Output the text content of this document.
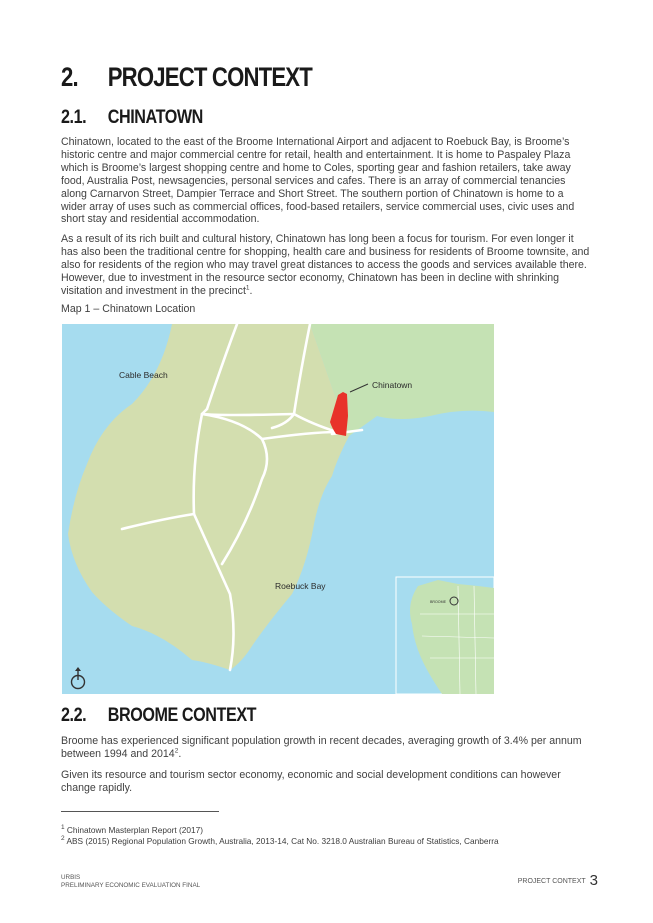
2. PROJECT CONTEXT
2.1. CHINATOWN

Chinatown, located to the east of the Broome International Airport and adjacent to Roebuck Bay, is Broome’s historic centre and major commercial centre for retail, health and entertainment. It is home to Paspaley Plaza which is Broome’s largest shopping centre and home to Coles, sporting gear and fashion retailers, take away food, Australia Post, newsagencies, personal services and cafes. There is an array of commercial tenancies along Carnarvon Street, Dampier Terrace and Short Street. The southern portion of Chinatown is home to a wider array of uses such as commercial offices, food-based retailers, service commercial uses, civic uses and short stay and residential accommodation.

As a result of its rich built and cultural history, Chinatown has long been a focus for tourism. For even longer it has also been the traditional centre for shopping, health care and business for residents of Broome townsite, and also for residents of the region who may travel great distances to access the goods and services available there. However, due to investment in the resource sector economy, Chinatown has been in decline with shrinking visitation and investment in the precinct$^1$.

Map 1 – Chinatown Location

Chinatown
Cable Beach
Roebuck Bay
BROOME
2.2. BROOME CONTEXT

Broome has experienced significant population growth in recent decades, averaging growth of 3.4% per annum between 1994 and 2014$^2$.

Given its resource and tourism sector economy, economic and social development conditions can however change rapidly.

$^1$ Chinatown Masterplan Report (2017)

$^2$ ABS (2015) Regional Population Growth, Australia, 2013-14, Cat No. 3218.0 Australian Bureau of Statistics, Canberra

URBIS
PRELIMINARY ECONOMIC EVALUATION FINAL
PROJECT CONTEXT 3
